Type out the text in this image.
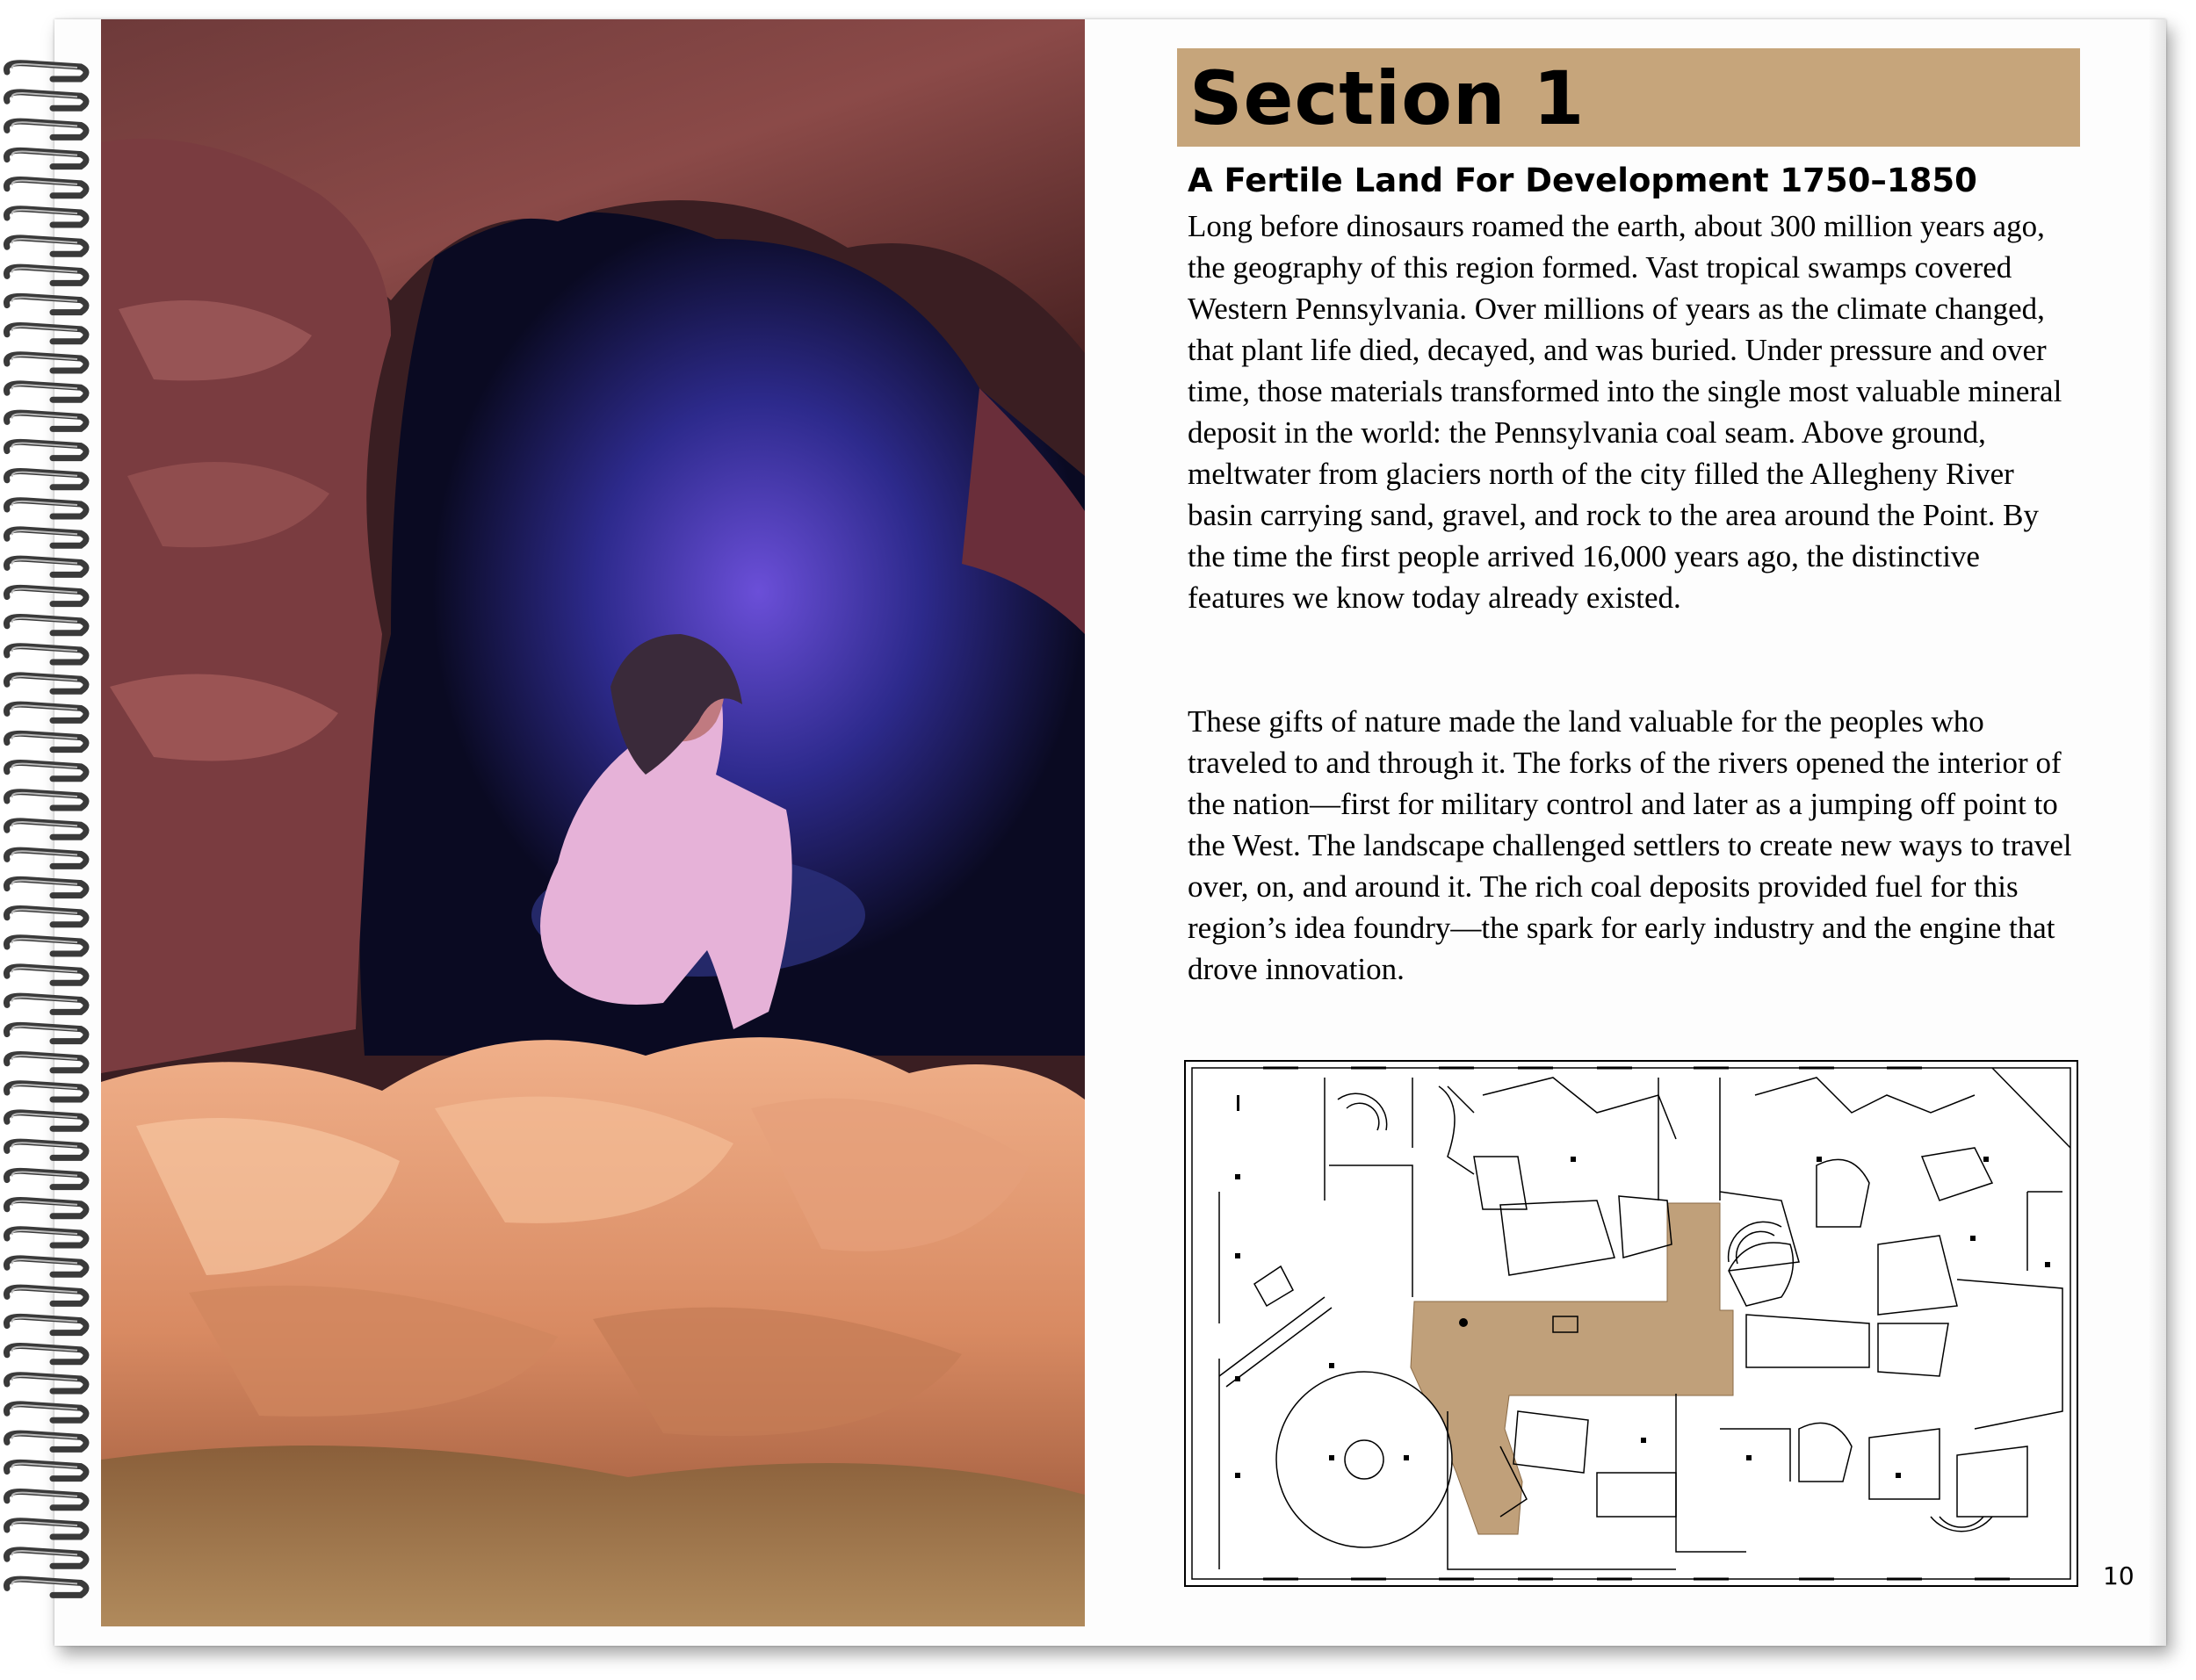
Section 1
A Fertile Land For Development 1750–1850

Long before dinosaurs roamed the earth, about 300 million years ago, the geography of this region formed. Vast tropical swamps covered Western Pennsylvania. Over millions of years as the climate changed, that plant life died, decayed, and was buried. Under pressure and over time, those materials transformed into the single most valuable mineral deposit in the world: the Pennsylvania coal seam. Above ground, meltwater from glaciers north of the city filled the Allegheny River basin carrying sand, gravel, and rock to the area around the Point. By the time the first people arrived 16,000 years ago, the distinctive features we know today already existed.

These gifts of nature made the land valuable for the peoples who traveled to and through it. The forks of the rivers opened the interior of the nation—first for military control and later as a jumping off point to the West. The landscape challenged settlers to create new ways to travel over, on, and around it. The rich coal deposits provided fuel for this region’s idea foundry—the spark for early industry and the engine that drove innovation.

10
